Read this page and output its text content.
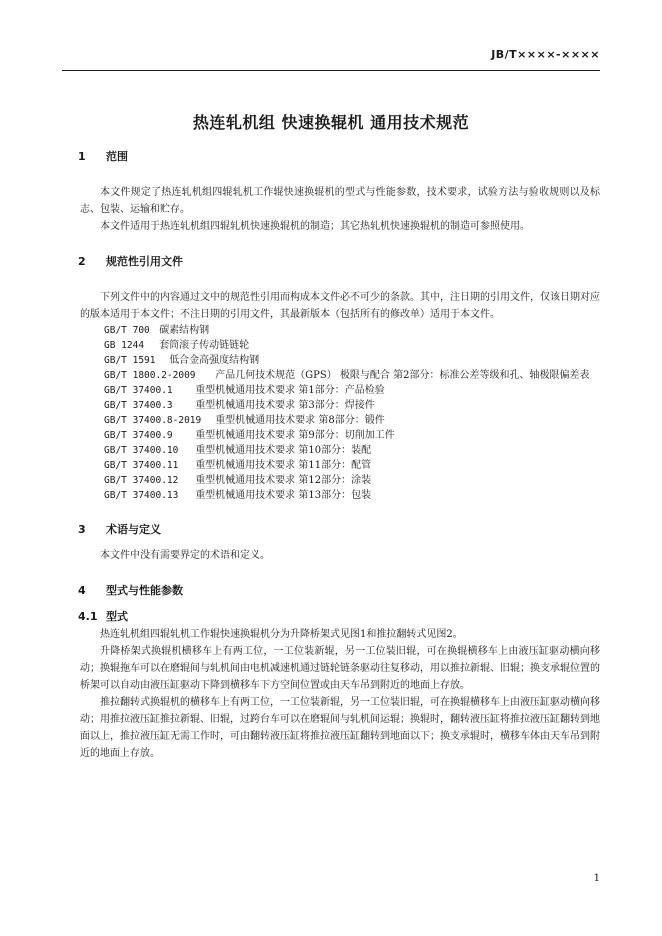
JB/T××××-××××
热连轧机组 快速换辊机 通用技术规范
1 范围

本文件规定了热连轧机组四辊轧机工作辊快速换辊机的型式与性能参数，技术要求，试验方法与验收规则以及标志、包装、运输和贮存。

本文件适用于热连轧机组四辊轧机快速换辊机的制造；其它热轧机快速换辊机的制造可参照使用。

2 规范性引用文件

下列文件中的内容通过文中的规范性引用而构成本文件必不可少的条款。其中，注日期的引用文件，仅该日期对应的版本适用于本文件；不注日期的引用文件，其最新版本（包括所有的修改单）适用于本文件。

GB/T 700 碳素结构钢

GB 1244 套筒滚子传动链链轮

GB/T 1591 低合金高强度结构钢

GB/T 1800.2-2009 产品几何技术规范（GPS） 极限与配合 第2部分：标准公差等级和孔、轴极限偏差表

GB/T 37400.1 重型机械通用技术要求 第1部分：产品检验

GB/T 37400.3 重型机械通用技术要求 第3部分：焊接件

GB/T 37400.8-2019 重型机械通用技术要求 第8部分：锻件

GB/T 37400.9 重型机械通用技术要求 第9部分：切削加工件

GB/T 37400.10 重型机械通用技术要求 第10部分：装配

GB/T 37400.11 重型机械通用技术要求 第11部分：配管

GB/T 37400.12 重型机械通用技术要求 第12部分：涂装

GB/T 37400.13 重型机械通用技术要求 第13部分：包装

3 术语与定义

本文件中没有需要界定的术语和定义。

4 型式与性能参数
4.1 型式

热连轧机组四辊轧机工作辊快速换辊机分为升降桥架式见图1和推拉翻转式见图2。

升降桥架式换辊机横移车上有两工位，一工位装新辊，另一工位装旧辊，可在换辊横移车上由液压缸驱动横向移动；换辊拖车可以在磨辊间与轧机间由电机减速机通过链轮链条驱动往复移动，用以推拉新辊、旧辊；换支承辊位置的桥架可以自动由液压缸驱动下降到横移车下方空间位置或由天车吊到附近的地面上存放。

推拉翻转式换辊机的横移车上有两工位，一工位装新辊，另一工位装旧辊，可在换辊横移车上由液压缸驱动横向移动；用推拉液压缸推拉新辊、旧辊，过跨台车可以在磨辊间与轧机间运辊；换辊时，翻转液压缸将推拉液压缸翻转到地面以上，推拉液压缸无需工作时，可由翻转液压缸将推拉液压缸翻转到地面以下；换支承辊时，横移车体由天车吊到附近的地面上存放。

1
